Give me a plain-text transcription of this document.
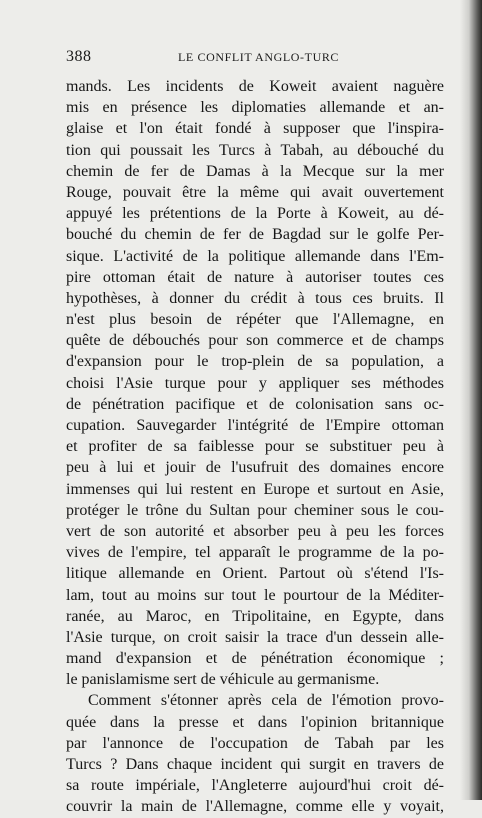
388	LE CONFLIT ANGLO-TURC
mands. Les incidents de Koweit avaient naguère
mis en présence les diplomaties allemande et an-
glaise et l'on était fondé à supposer que l'inspira-
tion qui poussait les Turcs à Tabah, au débouché du
chemin de fer de Damas à la Mecque sur la mer
Rouge, pouvait être la même qui avait ouvertement
appuyé les prétentions de la Porte à Koweit, au dé-
bouché du chemin de fer de Bagdad sur le golfe Per-
sique. L'activité de la politique allemande dans l'Em-
pire ottoman était de nature à autoriser toutes ces
hypothèses, à donner du crédit à tous ces bruits. Il
n'est plus besoin de répéter que l'Allemagne, en
quête de débouchés pour son commerce et de champs
d'expansion pour le trop-plein de sa population, a
choisi l'Asie turque pour y appliquer ses méthodes
de pénétration pacifique et de colonisation sans oc-
cupation. Sauvegarder l'intégrité de l'Empire ottoman
et profiter de sa faiblesse pour se substituer peu à
peu à lui et jouir de l'usufruit des domaines encore
immenses qui lui restent en Europe et surtout en Asie,
protéger le trône du Sultan pour cheminer sous le cou-
vert de son autorité et absorber peu à peu les forces
vives de l'empire, tel apparaît le programme de la po-
litique allemande en Orient. Partout où s'étend l'Is-
lam, tout au moins sur tout le pourtour de la Méditer-
ranée, au Maroc, en Tripolitaine, en Egypte, dans
l'Asie turque, on croit saisir la trace d'un dessein alle-
mand d'expansion et de pénétration économique ;
le panislamisme sert de véhicule au germanisme.
Comment s'étonner après cela de l'émotion provo-
quée dans la presse et dans l'opinion britannique
par l'annonce de l'occupation de Tabah par les
Turcs ? Dans chaque incident qui surgit en travers de
sa route impériale, l'Angleterre aujourd'hui croit dé-
couvrir la main de l'Allemagne, comme elle y voyait,
